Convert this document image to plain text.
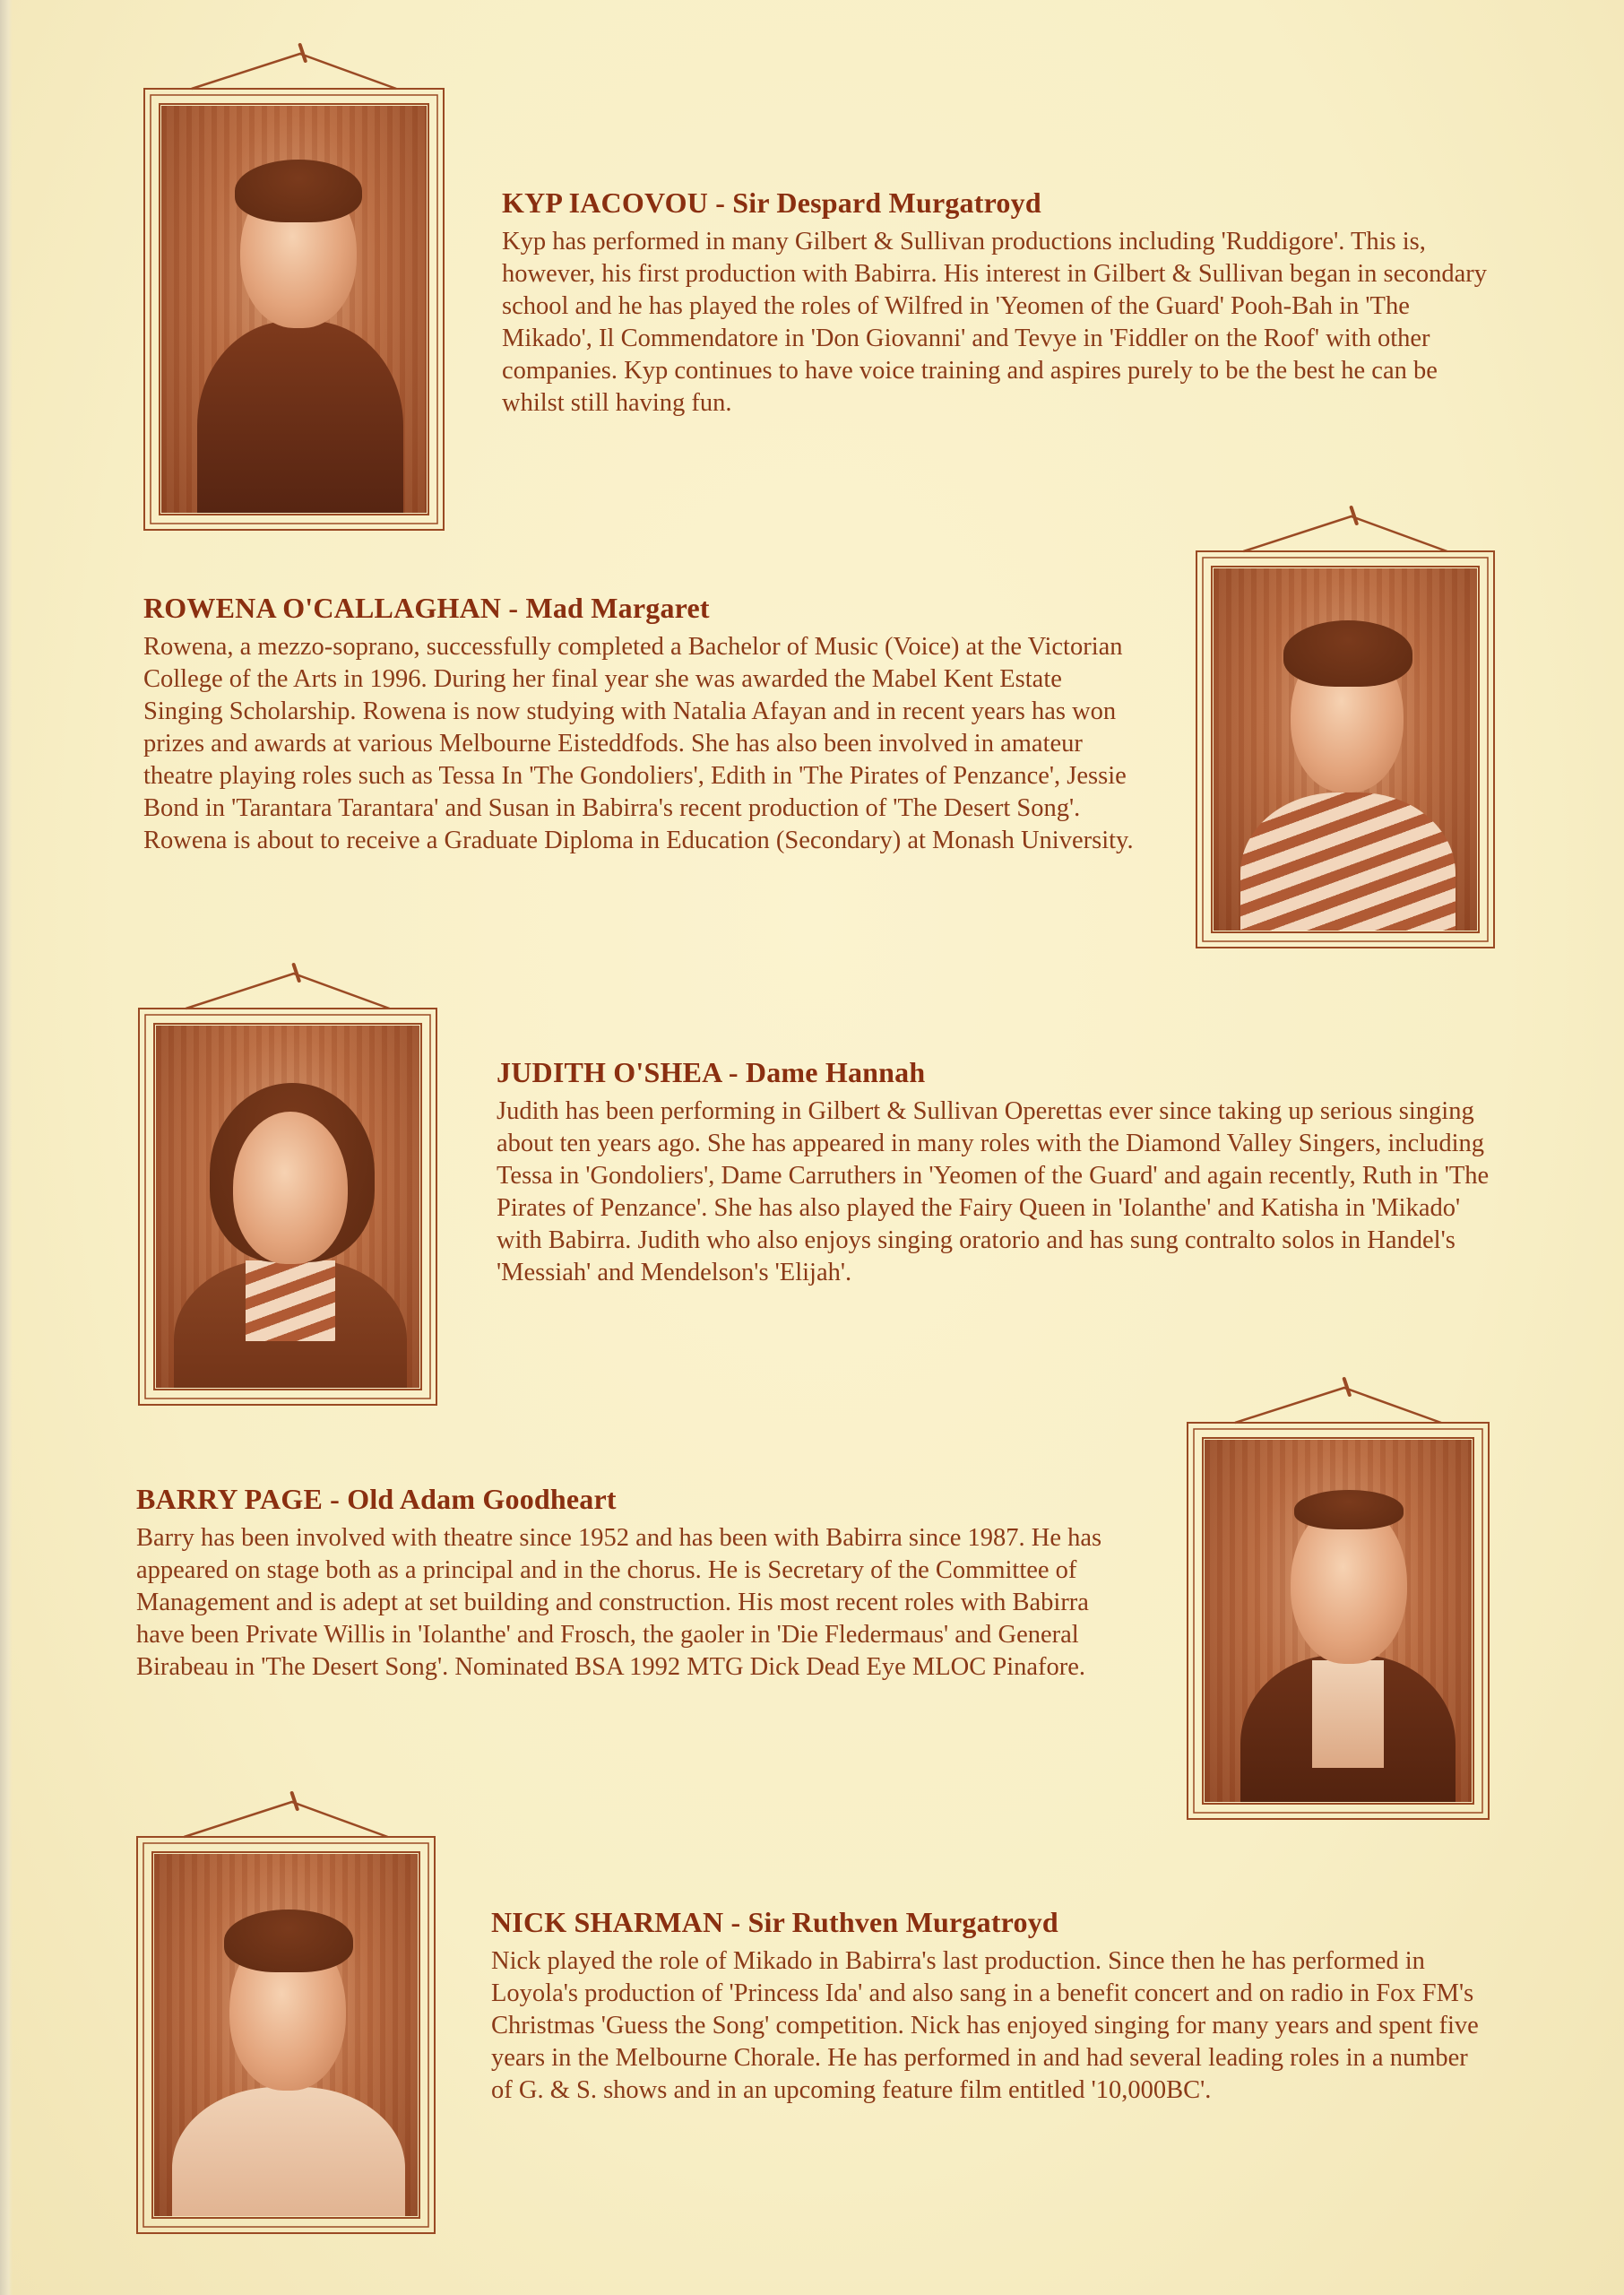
KYP IACOVOU - Sir Despard Murgatroyd

Kyp has performed in many Gilbert & Sullivan productions including 'Ruddigore'. This is, however, his first production with Babirra. His interest in Gilbert & Sullivan began in secondary school and he has played the roles of Wilfred in 'Yeomen of the Guard' Pooh-Bah in 'The Mikado', Il Commendatore in 'Don Giovanni' and Tevye in 'Fiddler on the Roof' with other companies. Kyp continues to have voice training and aspires purely to be the best he can be whilst still having fun.

ROWENA O'CALLAGHAN - Mad Margaret

Rowena, a mezzo-soprano, successfully completed a Bachelor of Music (Voice) at the Victorian College of the Arts in 1996. During her final year she was awarded the Mabel Kent Estate Singing Scholarship. Rowena is now studying with Natalia Afayan and in recent years has won prizes and awards at various Melbourne Eisteddfods. She has also been involved in amateur theatre playing roles such as Tessa In 'The Gondoliers', Edith in 'The Pirates of Penzance', Jessie Bond in 'Tarantara Tarantara' and Susan in Babirra's recent production of 'The Desert Song'. Rowena is about to receive a Graduate Diploma in Education (Secondary) at Monash University.

JUDITH O'SHEA - Dame Hannah

Judith has been performing in Gilbert & Sullivan Operettas ever since taking up serious singing about ten years ago. She has appeared in many roles with the Diamond Valley Singers, including Tessa in 'Gondoliers', Dame Carruthers in 'Yeomen of the Guard' and again recently, Ruth in 'The Pirates of Penzance'. She has also played the Fairy Queen in 'Iolanthe' and Katisha in 'Mikado' with Babirra. Judith who also enjoys singing oratorio and has sung contralto solos in Handel's 'Messiah' and Mendelson's 'Elijah'.

BARRY PAGE - Old Adam Goodheart

Barry has been involved with theatre since 1952 and has been with Babirra since 1987. He has appeared on stage both as a principal and in the chorus. He is Secretary of the Committee of Management and is adept at set building and construction. His most recent roles with Babirra have been Private Willis in 'Iolanthe' and Frosch, the gaoler in 'Die Fledermaus' and General Birabeau in 'The Desert Song'. Nominated BSA 1992 MTG Dick Dead Eye MLOC Pinafore.

NICK SHARMAN - Sir Ruthven Murgatroyd

Nick played the role of Mikado in Babirra's last production. Since then he has performed in Loyola's production of 'Princess Ida' and also sang in a benefit concert and on radio in Fox FM's Christmas 'Guess the Song' competition. Nick has enjoyed singing for many years and spent five years in the Melbourne Chorale. He has performed in and had several leading roles in a number of G. & S. shows and in an upcoming feature film entitled '10,000BC'.
